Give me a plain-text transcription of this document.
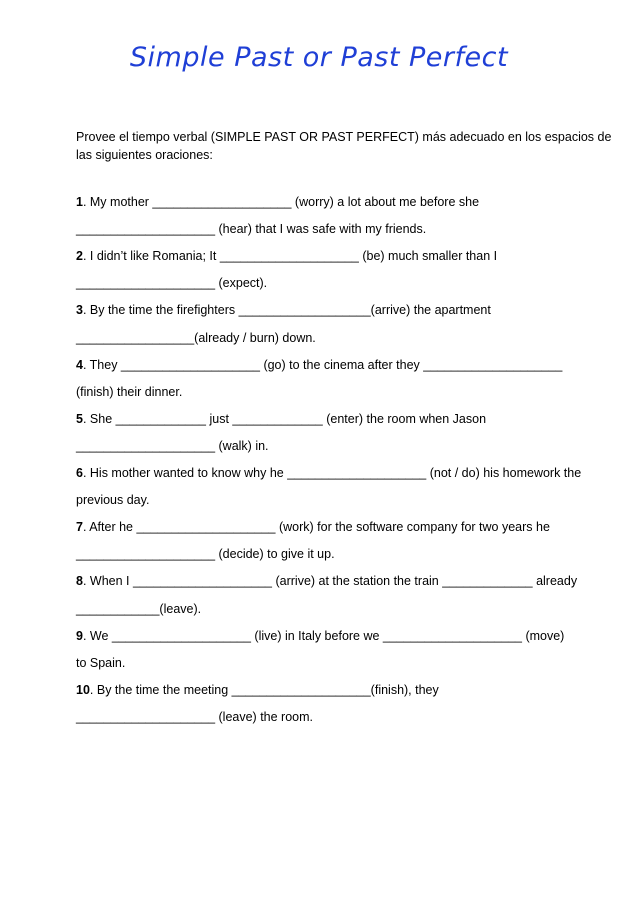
Simple Past or Past Perfect
Provee el tiempo verbal (SIMPLE PAST OR PAST PERFECT) más adecuado en los espacios de las siguientes oraciones:
1. My mother ____________________ (worry) a lot about me before she
____________________ (hear) that I was safe with my friends.
2. I didn’t like Romania; It ____________________ (be) much smaller than I
____________________ (expect).
3. By the time the firefighters ___________________(arrive) the apartment
_________________(already / burn) down.
4. They ____________________ (go) to the cinema after they ____________________
(finish) their dinner.
5. She _____________ just _____________ (enter) the room when Jason
____________________ (walk) in.
6. His mother wanted to know why he ____________________ (not / do) his homework the
previous day.
7. After he ____________________ (work) for the software company for two years he
____________________ (decide) to give it up.
8. When I ____________________ (arrive) at the station the train _____________ already
____________(leave).
9. We ____________________ (live) in Italy before we ____________________ (move)
to Spain.
10. By the time the meeting ____________________(finish), they
____________________ (leave) the room.
